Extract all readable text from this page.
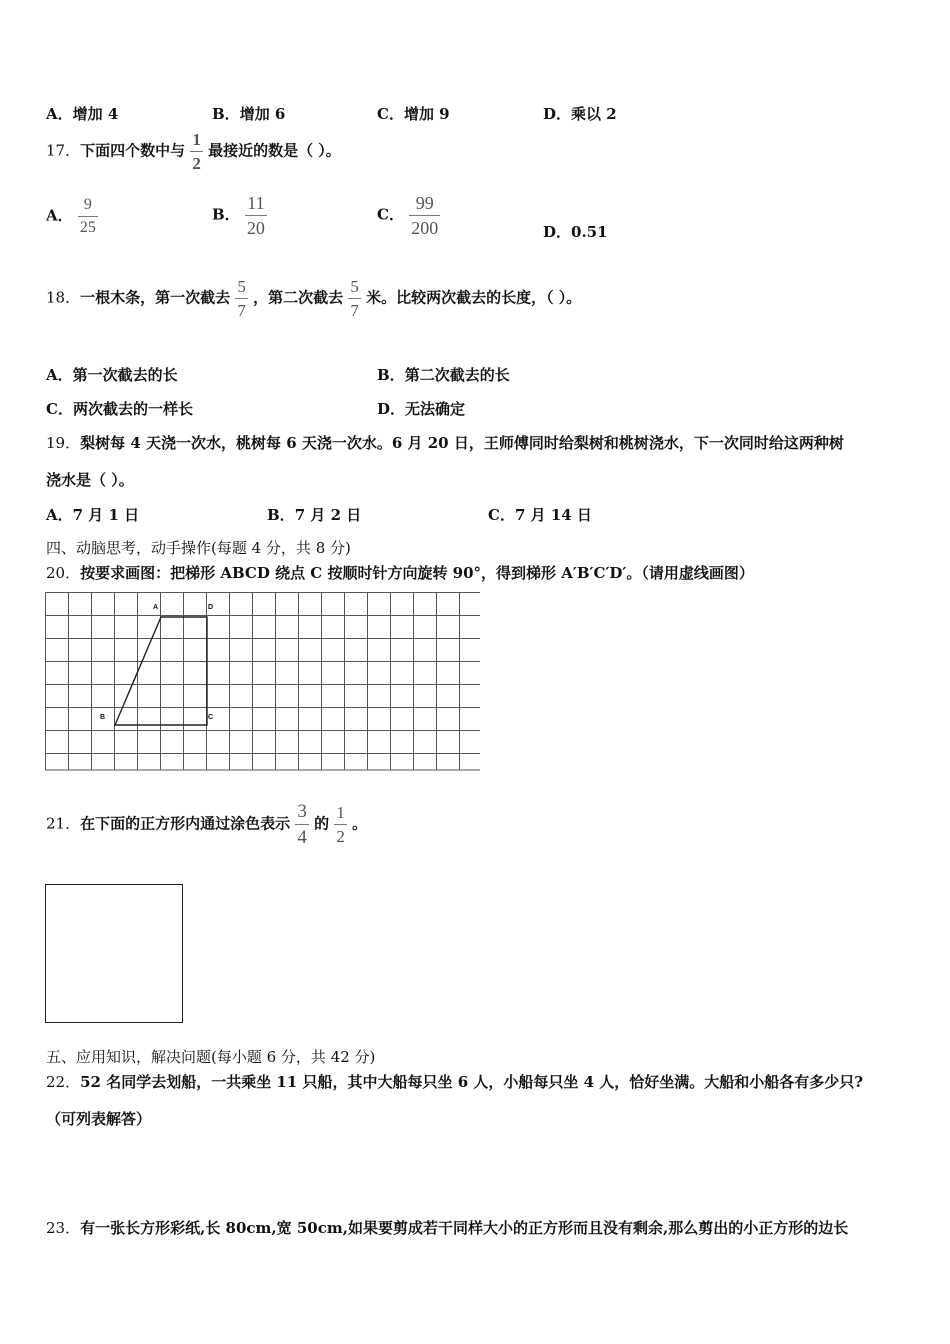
A．增加 4	B．增加 6	C．增加 9	D．乘以 2
17．下面四个数中与 $\frac{1}{2}$ 最接近的数是（ ）。
A． $\frac{9}{25}$	B． $\frac{11}{20}$	C． $\frac{99}{200}$	D．0.51
18．一根木条，第一次截去 $\frac{5}{7}$ ，第二次截去 $\frac{5}{7}$ 米。比较两次截去的长度，（ ）。
A．第一次截去的长	B．第二次截去的长
C．两次截去的一样长	D．无法确定
19．梨树每 4 天浇一次水，桃树每 6 天浇一次水。6 月 20 日，王师傅同时给梨树和桃树浇水，下一次同时给这两种树
浇水是（ ）。
A．7 月 1 日	B．7 月 2 日	C．7 月 14 日
四、动脑思考，动手操作(每题 4 分，共 8 分)
20．按要求画图：把梯形 ABCD 绕点 C 按顺时针方向旋转 90°，得到梯形 A′B′C′D′。（请用虚线画图）
A	D
B	C
21．在下面的正方形内通过涂色表示 $\frac{3}{4}$ 的 $\frac{1}{2}$ 。
五、应用知识，解决问题(每小题 6 分，共 42 分)
22．52 名同学去划船，一共乘坐 11 只船，其中大船每只坐 6 人，小船每只坐 4 人，恰好坐满。大船和小船各有多少只?
（可列表解答）
23．有一张长方形彩纸,长 80cm,宽 50cm,如果要剪成若干同样大小的正方形而且没有剩余,那么剪出的小正方形的边长
